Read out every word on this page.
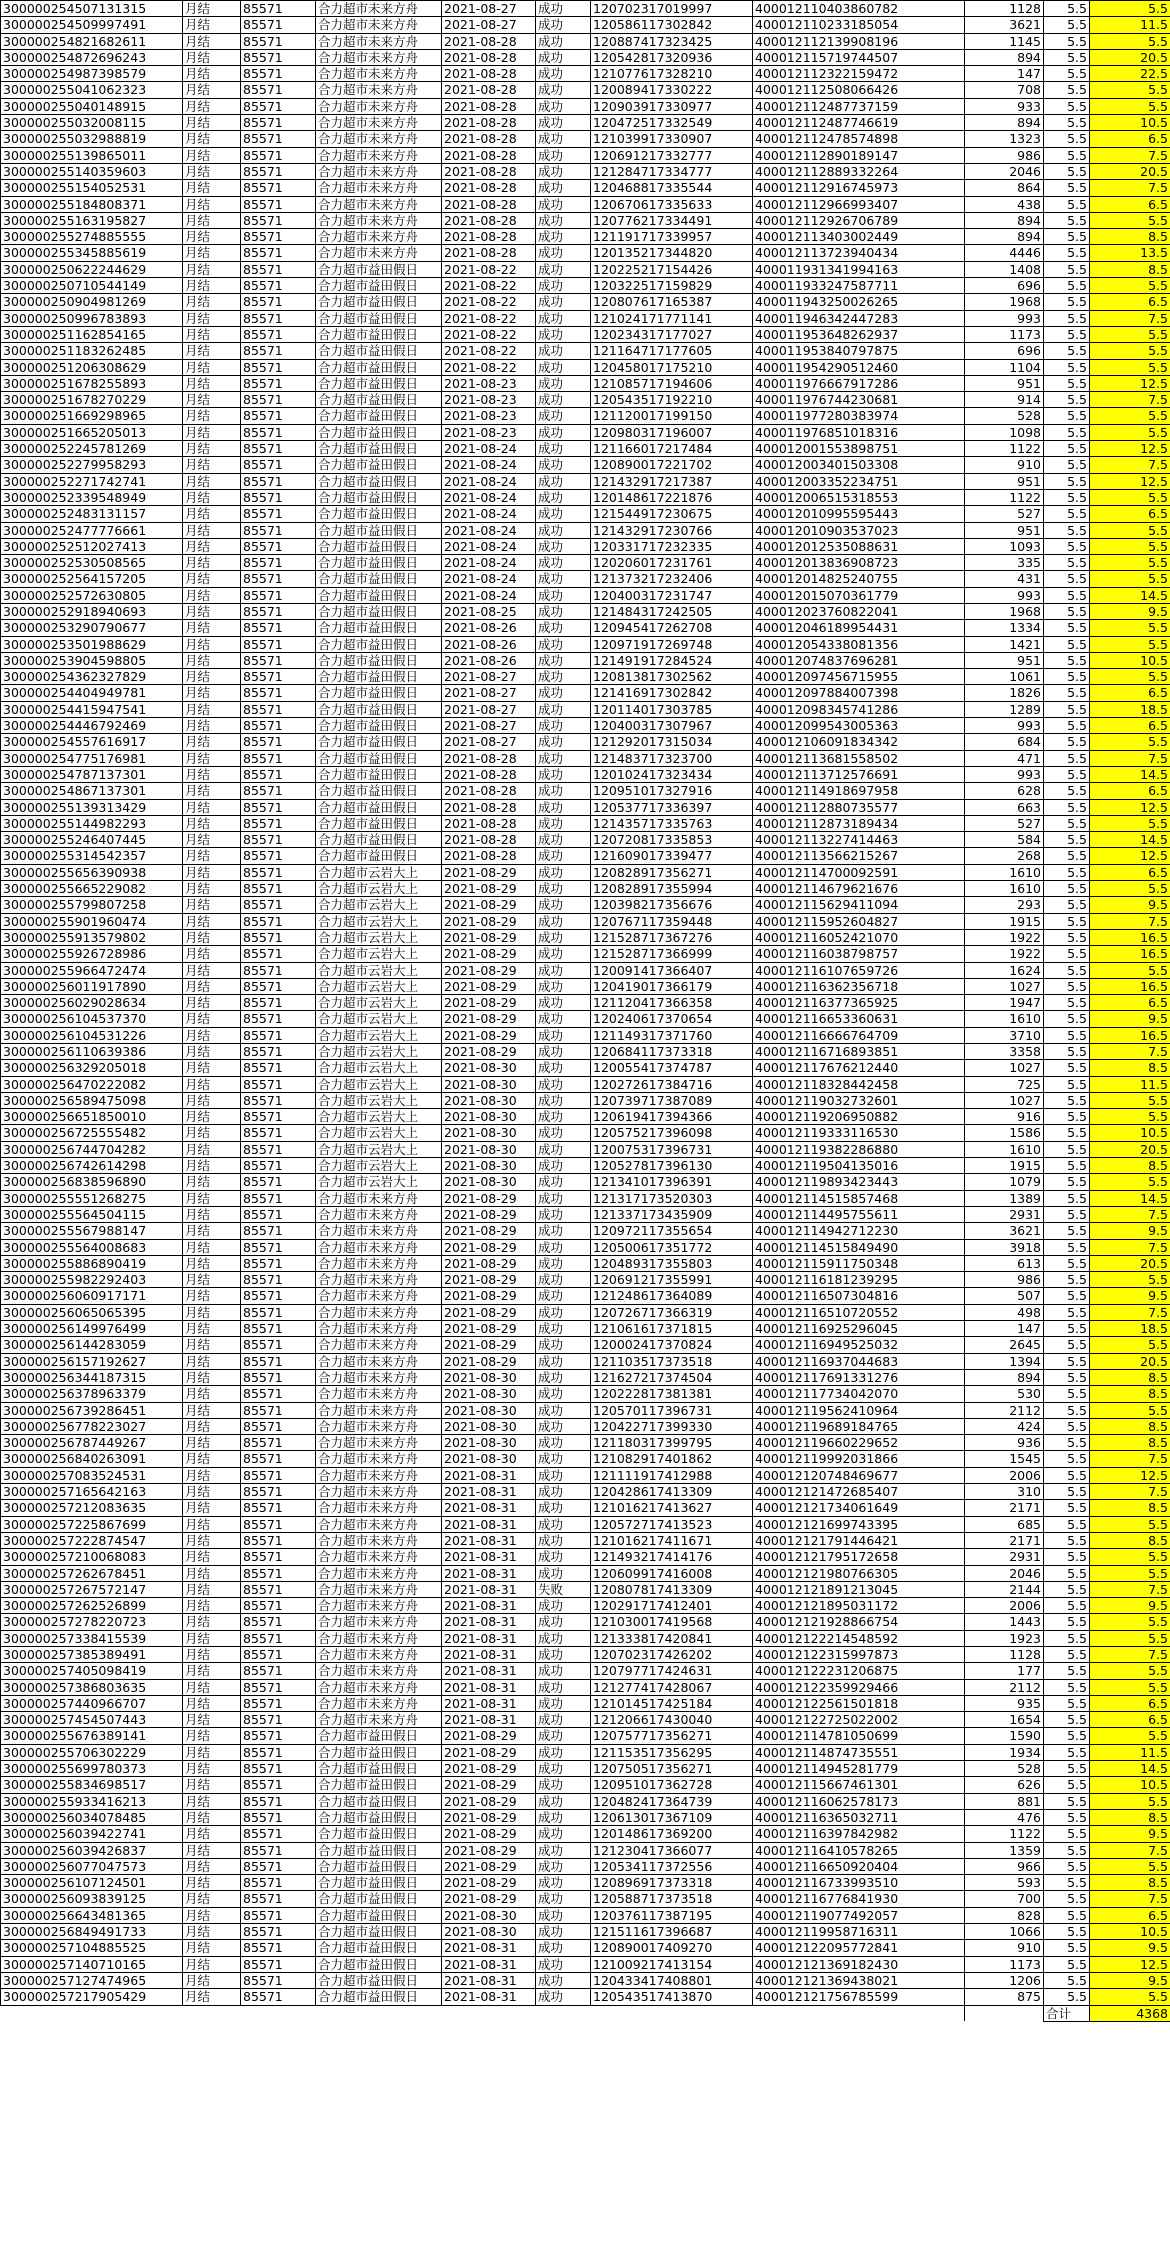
300000254507131315	月结	85571	合力超市未来方舟	2021-08-27	成功	120702317019997	400012110403860782	1128	5.5	5.5
300000254509997491	月结	85571	合力超市未来方舟	2021-08-27	成功	120586117302842	400012110233185054	3621	5.5	11.5
300000254821682611	月结	85571	合力超市未来方舟	2021-08-28	成功	120887417323425	400012112139908196	1145	5.5	5.5
300000254872696243	月结	85571	合力超市未来方舟	2021-08-28	成功	120542817320936	400012115719744507	894	5.5	20.5
300000254987398579	月结	85571	合力超市未来方舟	2021-08-28	成功	121077617328210	400012112322159472	147	5.5	22.5
300000255041062323	月结	85571	合力超市未来方舟	2021-08-28	成功	120089417330222	400012112508066426	708	5.5	5.5
300000255040148915	月结	85571	合力超市未来方舟	2021-08-28	成功	120903917330977	400012112487737159	933	5.5	5.5
300000255032008115	月结	85571	合力超市未来方舟	2021-08-28	成功	120472517332549	400012112487746619	894	5.5	10.5
300000255032988819	月结	85571	合力超市未来方舟	2021-08-28	成功	121039917330907	400012112478574898	1323	5.5	6.5
300000255139865011	月结	85571	合力超市未来方舟	2021-08-28	成功	120691217332777	400012112890189147	986	5.5	7.5
300000255140359603	月结	85571	合力超市未来方舟	2021-08-28	成功	121284717334777	400012112889332264	2046	5.5	20.5
300000255154052531	月结	85571	合力超市未来方舟	2021-08-28	成功	120468817335544	400012112916745973	864	5.5	7.5
300000255184808371	月结	85571	合力超市未来方舟	2021-08-28	成功	120670617335633	400012112966993407	438	5.5	6.5
300000255163195827	月结	85571	合力超市未来方舟	2021-08-28	成功	120776217334491	400012112926706789	894	5.5	5.5
300000255274885555	月结	85571	合力超市未来方舟	2021-08-28	成功	121191717339957	400012113403002449	894	5.5	8.5
300000255345885619	月结	85571	合力超市未来方舟	2021-08-28	成功	120135217344820	400012113723940434	4446	5.5	13.5
300000250622244629	月结	85571	合力超市益田假日	2021-08-22	成功	120225217154426	400011931341994163	1408	5.5	8.5
300000250710544149	月结	85571	合力超市益田假日	2021-08-22	成功	120322517159829	400011933247587711	696	5.5	5.5
300000250904981269	月结	85571	合力超市益田假日	2021-08-22	成功	120807617165387	400011943250026265	1968	5.5	6.5
300000250996783893	月结	85571	合力超市益田假日	2021-08-22	成功	121024171771141	400011946342447283	993	5.5	7.5
300000251162854165	月结	85571	合力超市益田假日	2021-08-22	成功	120234317177027	400011953648262937	1173	5.5	5.5
300000251183262485	月结	85571	合力超市益田假日	2021-08-22	成功	121164717177605	400011953840797875	696	5.5	5.5
300000251206308629	月结	85571	合力超市益田假日	2021-08-22	成功	120458017175210	400011954290512460	1104	5.5	5.5
300000251678255893	月结	85571	合力超市益田假日	2021-08-23	成功	121085717194606	400011976667917286	951	5.5	12.5
300000251678270229	月结	85571	合力超市益田假日	2021-08-23	成功	120543517192210	400011976744230681	914	5.5	7.5
300000251669298965	月结	85571	合力超市益田假日	2021-08-23	成功	121120017199150	400011977280383974	528	5.5	5.5
300000251665205013	月结	85571	合力超市益田假日	2021-08-23	成功	120980317196007	400011976851018316	1098	5.5	5.5
300000252245781269	月结	85571	合力超市益田假日	2021-08-24	成功	121166017217484	400012001553898751	1122	5.5	12.5
300000252279958293	月结	85571	合力超市益田假日	2021-08-24	成功	120890017221702	400012003401503308	910	5.5	7.5
300000252271742741	月结	85571	合力超市益田假日	2021-08-24	成功	121432917217387	400012003352234751	951	5.5	12.5
300000252339548949	月结	85571	合力超市益田假日	2021-08-24	成功	120148617221876	400012006515318553	1122	5.5	5.5
300000252483131157	月结	85571	合力超市益田假日	2021-08-24	成功	121544917230675	400012010995595443	527	5.5	6.5
300000252477776661	月结	85571	合力超市益田假日	2021-08-24	成功	121432917230766	400012010903537023	951	5.5	5.5
300000252512027413	月结	85571	合力超市益田假日	2021-08-24	成功	120331717232335	400012012535088631	1093	5.5	5.5
300000252530508565	月结	85571	合力超市益田假日	2021-08-24	成功	120206017231761	400012013836908723	335	5.5	5.5
300000252564157205	月结	85571	合力超市益田假日	2021-08-24	成功	121373217232406	400012014825240755	431	5.5	5.5
300000252572630805	月结	85571	合力超市益田假日	2021-08-24	成功	120400317231747	400012015070361779	993	5.5	14.5
300000252918940693	月结	85571	合力超市益田假日	2021-08-25	成功	121484317242505	400012023760822041	1968	5.5	9.5
300000253290790677	月结	85571	合力超市益田假日	2021-08-26	成功	120945417262708	400012046189954431	1334	5.5	5.5
300000253501988629	月结	85571	合力超市益田假日	2021-08-26	成功	120971917269748	400012054338081356	1421	5.5	5.5
300000253904598805	月结	85571	合力超市益田假日	2021-08-26	成功	121491917284524	400012074837696281	951	5.5	10.5
300000254362327829	月结	85571	合力超市益田假日	2021-08-27	成功	120813817302562	400012097456715955	1061	5.5	5.5
300000254404949781	月结	85571	合力超市益田假日	2021-08-27	成功	121416917302842	400012097884007398	1826	5.5	6.5
300000254415947541	月结	85571	合力超市益田假日	2021-08-27	成功	120114017303785	400012098345741286	1289	5.5	18.5
300000254446792469	月结	85571	合力超市益田假日	2021-08-27	成功	120400317307967	400012099543005363	993	5.5	6.5
300000254557616917	月结	85571	合力超市益田假日	2021-08-27	成功	121292017315034	400012106091834342	684	5.5	5.5
300000254775176981	月结	85571	合力超市益田假日	2021-08-28	成功	121483717323700	400012113681558502	471	5.5	7.5
300000254787137301	月结	85571	合力超市益田假日	2021-08-28	成功	120102417323434	400012113712576691	993	5.5	14.5
300000254867137301	月结	85571	合力超市益田假日	2021-08-28	成功	120951017327916	400012114918697958	628	5.5	6.5
300000255139313429	月结	85571	合力超市益田假日	2021-08-28	成功	120537717336397	400012112880735577	663	5.5	12.5
300000255144982293	月结	85571	合力超市益田假日	2021-08-28	成功	121435717335763	400012112873189434	527	5.5	5.5
300000255246407445	月结	85571	合力超市益田假日	2021-08-28	成功	120720817335853	400012113227414463	584	5.5	14.5
300000255314542357	月结	85571	合力超市益田假日	2021-08-28	成功	121609017339477	400012113566215267	268	5.5	12.5
300000255656390938	月结	85571	合力超市云岩大上	2021-08-29	成功	120828917356271	400012114700092591	1610	5.5	6.5
300000255665229082	月结	85571	合力超市云岩大上	2021-08-29	成功	120828917355994	400012114679621676	1610	5.5	5.5
300000255799807258	月结	85571	合力超市云岩大上	2021-08-29	成功	120398217356676	400012115629411094	293	5.5	9.5
300000255901960474	月结	85571	合力超市云岩大上	2021-08-29	成功	120767117359448	400012115952604827	1915	5.5	7.5
300000255913579802	月结	85571	合力超市云岩大上	2021-08-29	成功	121528717367276	400012116052421070	1922	5.5	16.5
300000255926728986	月结	85571	合力超市云岩大上	2021-08-29	成功	121528717366999	400012116038798757	1922	5.5	16.5
300000255966472474	月结	85571	合力超市云岩大上	2021-08-29	成功	120091417366407	400012116107659726	1624	5.5	5.5
300000256011917890	月结	85571	合力超市云岩大上	2021-08-29	成功	120419017366179	400012116362356718	1027	5.5	16.5
300000256029028634	月结	85571	合力超市云岩大上	2021-08-29	成功	121120417366358	400012116377365925	1947	5.5	6.5
300000256104537370	月结	85571	合力超市云岩大上	2021-08-29	成功	120240617370654	400012116653360631	1610	5.5	9.5
300000256104531226	月结	85571	合力超市云岩大上	2021-08-29	成功	121149317371760	400012116666764709	3710	5.5	16.5
300000256110639386	月结	85571	合力超市云岩大上	2021-08-29	成功	120684117373318	400012116716893851	3358	5.5	7.5
300000256329205018	月结	85571	合力超市云岩大上	2021-08-30	成功	120055417374787	400012117676212440	1027	5.5	8.5
300000256470222082	月结	85571	合力超市云岩大上	2021-08-30	成功	120272617384716	400012118328442458	725	5.5	11.5
300000256589475098	月结	85571	合力超市云岩大上	2021-08-30	成功	120739717387089	400012119032732601	1027	5.5	5.5
300000256651850010	月结	85571	合力超市云岩大上	2021-08-30	成功	120619417394366	400012119206950882	916	5.5	5.5
300000256725555482	月结	85571	合力超市云岩大上	2021-08-30	成功	120575217396098	400012119333116530	1586	5.5	10.5
300000256744704282	月结	85571	合力超市云岩大上	2021-08-30	成功	120075317396731	400012119382286880	1610	5.5	20.5
300000256742614298	月结	85571	合力超市云岩大上	2021-08-30	成功	120527817396130	400012119504135016	1915	5.5	8.5
300000256838596890	月结	85571	合力超市云岩大上	2021-08-30	成功	121341017396391	400012119893423443	1079	5.5	5.5
300000255551268275	月结	85571	合力超市未来方舟	2021-08-29	成功	121317173520303	400012114515857468	1389	5.5	14.5
300000255564504115	月结	85571	合力超市未来方舟	2021-08-29	成功	121337173435909	400012114495755611	2931	5.5	7.5
300000255567988147	月结	85571	合力超市未来方舟	2021-08-29	成功	120972117355654	400012114942712230	3621	5.5	9.5
300000255564008683	月结	85571	合力超市未来方舟	2021-08-29	成功	120500617351772	400012114515849490	3918	5.5	7.5
300000255886890419	月结	85571	合力超市未来方舟	2021-08-29	成功	120489317355803	400012115911750348	613	5.5	20.5
300000255982292403	月结	85571	合力超市未来方舟	2021-08-29	成功	120691217355991	400012116181239295	986	5.5	5.5
300000256060917171	月结	85571	合力超市未来方舟	2021-08-29	成功	121248617364089	400012116507304816	507	5.5	9.5
300000256065065395	月结	85571	合力超市未来方舟	2021-08-29	成功	120726717366319	400012116510720552	498	5.5	7.5
300000256149976499	月结	85571	合力超市未来方舟	2021-08-29	成功	121061617371815	400012116925296045	147	5.5	18.5
300000256144283059	月结	85571	合力超市未来方舟	2021-08-29	成功	120002417370824	400012116949525032	2645	5.5	5.5
300000256157192627	月结	85571	合力超市未来方舟	2021-08-29	成功	121103517373518	400012116937044683	1394	5.5	20.5
300000256344187315	月结	85571	合力超市未来方舟	2021-08-30	成功	121627217374504	400012117691331276	894	5.5	8.5
300000256378963379	月结	85571	合力超市未来方舟	2021-08-30	成功	120222817381381	400012117734042070	530	5.5	8.5
300000256739286451	月结	85571	合力超市未来方舟	2021-08-30	成功	120570117396731	400012119562410964	2112	5.5	5.5
300000256778223027	月结	85571	合力超市未来方舟	2021-08-30	成功	120422717399330	400012119689184765	424	5.5	8.5
300000256787449267	月结	85571	合力超市未来方舟	2021-08-30	成功	121180317399795	400012119660229652	936	5.5	8.5
300000256840263091	月结	85571	合力超市未来方舟	2021-08-30	成功	121082917401862	400012119992031866	1545	5.5	7.5
300000257083524531	月结	85571	合力超市未来方舟	2021-08-31	成功	121111917412988	400012120748469677	2006	5.5	12.5
300000257165642163	月结	85571	合力超市未来方舟	2021-08-31	成功	120428617413309	400012121472685407	310	5.5	7.5
300000257212083635	月结	85571	合力超市未来方舟	2021-08-31	成功	121016217413627	400012121734061649	2171	5.5	8.5
300000257225867699	月结	85571	合力超市未来方舟	2021-08-31	成功	120572717413523	400012121699743395	685	5.5	5.5
300000257222874547	月结	85571	合力超市未来方舟	2021-08-31	成功	121016217411671	400012121791446421	2171	5.5	8.5
300000257210068083	月结	85571	合力超市未来方舟	2021-08-31	成功	121493217414176	400012121795172658	2931	5.5	5.5
300000257262678451	月结	85571	合力超市未来方舟	2021-08-31	成功	120609917416008	400012121980766305	2046	5.5	5.5
300000257267572147	月结	85571	合力超市未来方舟	2021-08-31	失败	120807817413309	400012121891213045	2144	5.5	7.5
300000257262526899	月结	85571	合力超市未来方舟	2021-08-31	成功	120291717412401	400012121895031172	2006	5.5	9.5
300000257278220723	月结	85571	合力超市未来方舟	2021-08-31	成功	121030017419568	400012121928866754	1443	5.5	5.5
300000257338415539	月结	85571	合力超市未来方舟	2021-08-31	成功	121333817420841	400012122214548592	1923	5.5	5.5
300000257385389491	月结	85571	合力超市未来方舟	2021-08-31	成功	120702317426202	400012122315997873	1128	5.5	7.5
300000257405098419	月结	85571	合力超市未来方舟	2021-08-31	成功	120797717424631	400012122231206875	177	5.5	5.5
300000257386803635	月结	85571	合力超市未来方舟	2021-08-31	成功	121277417428067	400012122359929466	2112	5.5	5.5
300000257440966707	月结	85571	合力超市未来方舟	2021-08-31	成功	121014517425184	400012122561501818	935	5.5	6.5
300000257454507443	月结	85571	合力超市未来方舟	2021-08-31	成功	121206617430040	400012122725022002	1654	5.5	6.5
300000255676389141	月结	85571	合力超市益田假日	2021-08-29	成功	120757717356271	400012114781050699	1590	5.5	5.5
300000255706302229	月结	85571	合力超市益田假日	2021-08-29	成功	121153517356295	400012114874735551	1934	5.5	11.5
300000255699780373	月结	85571	合力超市益田假日	2021-08-29	成功	120750517356271	400012114945281779	528	5.5	14.5
300000255834698517	月结	85571	合力超市益田假日	2021-08-29	成功	120951017362728	400012115667461301	626	5.5	10.5
300000255933416213	月结	85571	合力超市益田假日	2021-08-29	成功	120482417364739	400012116062578173	881	5.5	5.5
300000256034078485	月结	85571	合力超市益田假日	2021-08-29	成功	120613017367109	400012116365032711	476	5.5	8.5
300000256039422741	月结	85571	合力超市益田假日	2021-08-29	成功	120148617369200	400012116397842982	1122	5.5	9.5
300000256039426837	月结	85571	合力超市益田假日	2021-08-29	成功	121230417366077	400012116410578265	1359	5.5	7.5
300000256077047573	月结	85571	合力超市益田假日	2021-08-29	成功	120534117372556	400012116650920404	966	5.5	5.5
300000256107124501	月结	85571	合力超市益田假日	2021-08-29	成功	120896917373318	400012116733993510	593	5.5	8.5
300000256093839125	月结	85571	合力超市益田假日	2021-08-29	成功	120588717373518	400012116776841930	700	5.5	7.5
300000256643481365	月结	85571	合力超市益田假日	2021-08-30	成功	120376117387195	400012119077492057	828	5.5	6.5
300000256849491733	月结	85571	合力超市益田假日	2021-08-30	成功	121511617396687	400012119958716311	1066	5.5	10.5
300000257104885525	月结	85571	合力超市益田假日	2021-08-31	成功	120890017409270	400012122095772841	910	5.5	9.5
300000257140710165	月结	85571	合力超市益田假日	2021-08-31	成功	121009217413154	400012121369182430	1173	5.5	12.5
300000257127474965	月结	85571	合力超市益田假日	2021-08-31	成功	120433417408801	400012121369438021	1206	5.5	9.5
300000257217905429	月结	85571	合力超市益田假日	2021-08-31	成功	120543517413870	400012121756785599	875	5.5	5.5
									合计	4368
